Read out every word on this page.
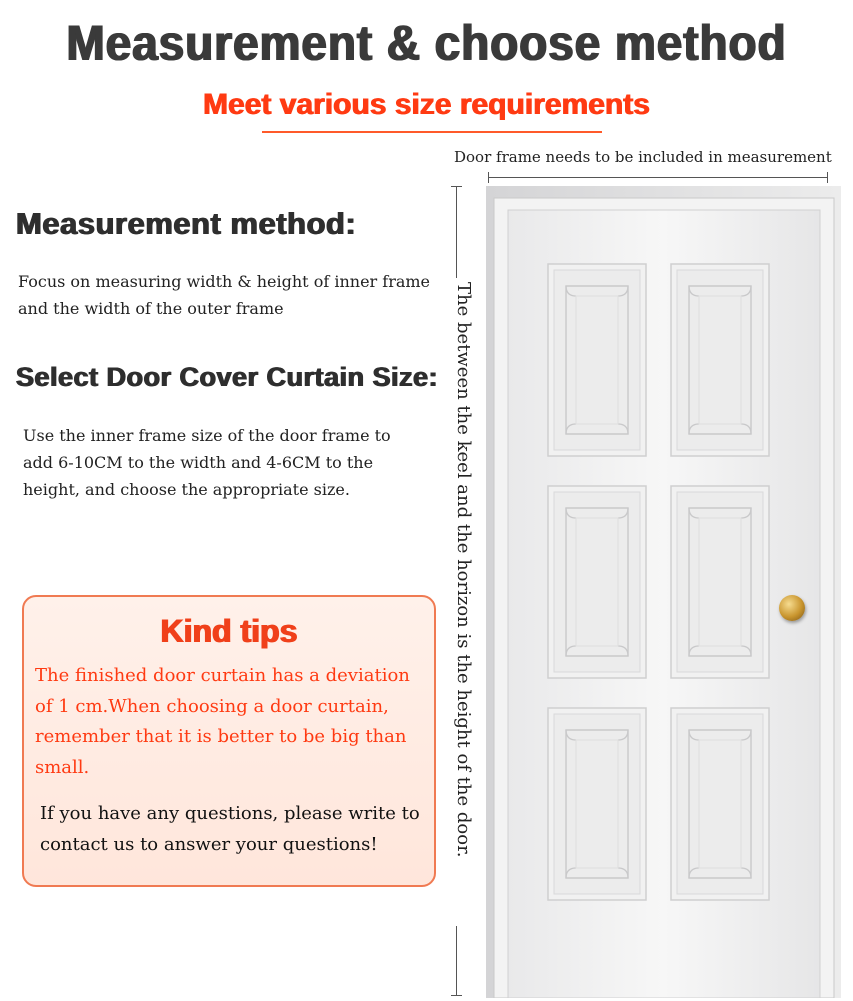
Measurement & choose method
Meet various size requirements
Measurement method:

Focus on measuring width & height of inner frame and the width of the outer frame

Select Door Cover Curtain Size:

Use the inner frame size of the door frame to add 6-10CM to the width and 4-6CM to the height, and choose the appropriate size.

Door frame needs to be included in measurement
The between the keel and the horizon is the height of the door.
Kind tips

The finished door curtain has a deviation of 1 cm.When choosing a door curtain, remember that it is better to be big than small.

If you have any questions, please write to contact us to answer your questions!
